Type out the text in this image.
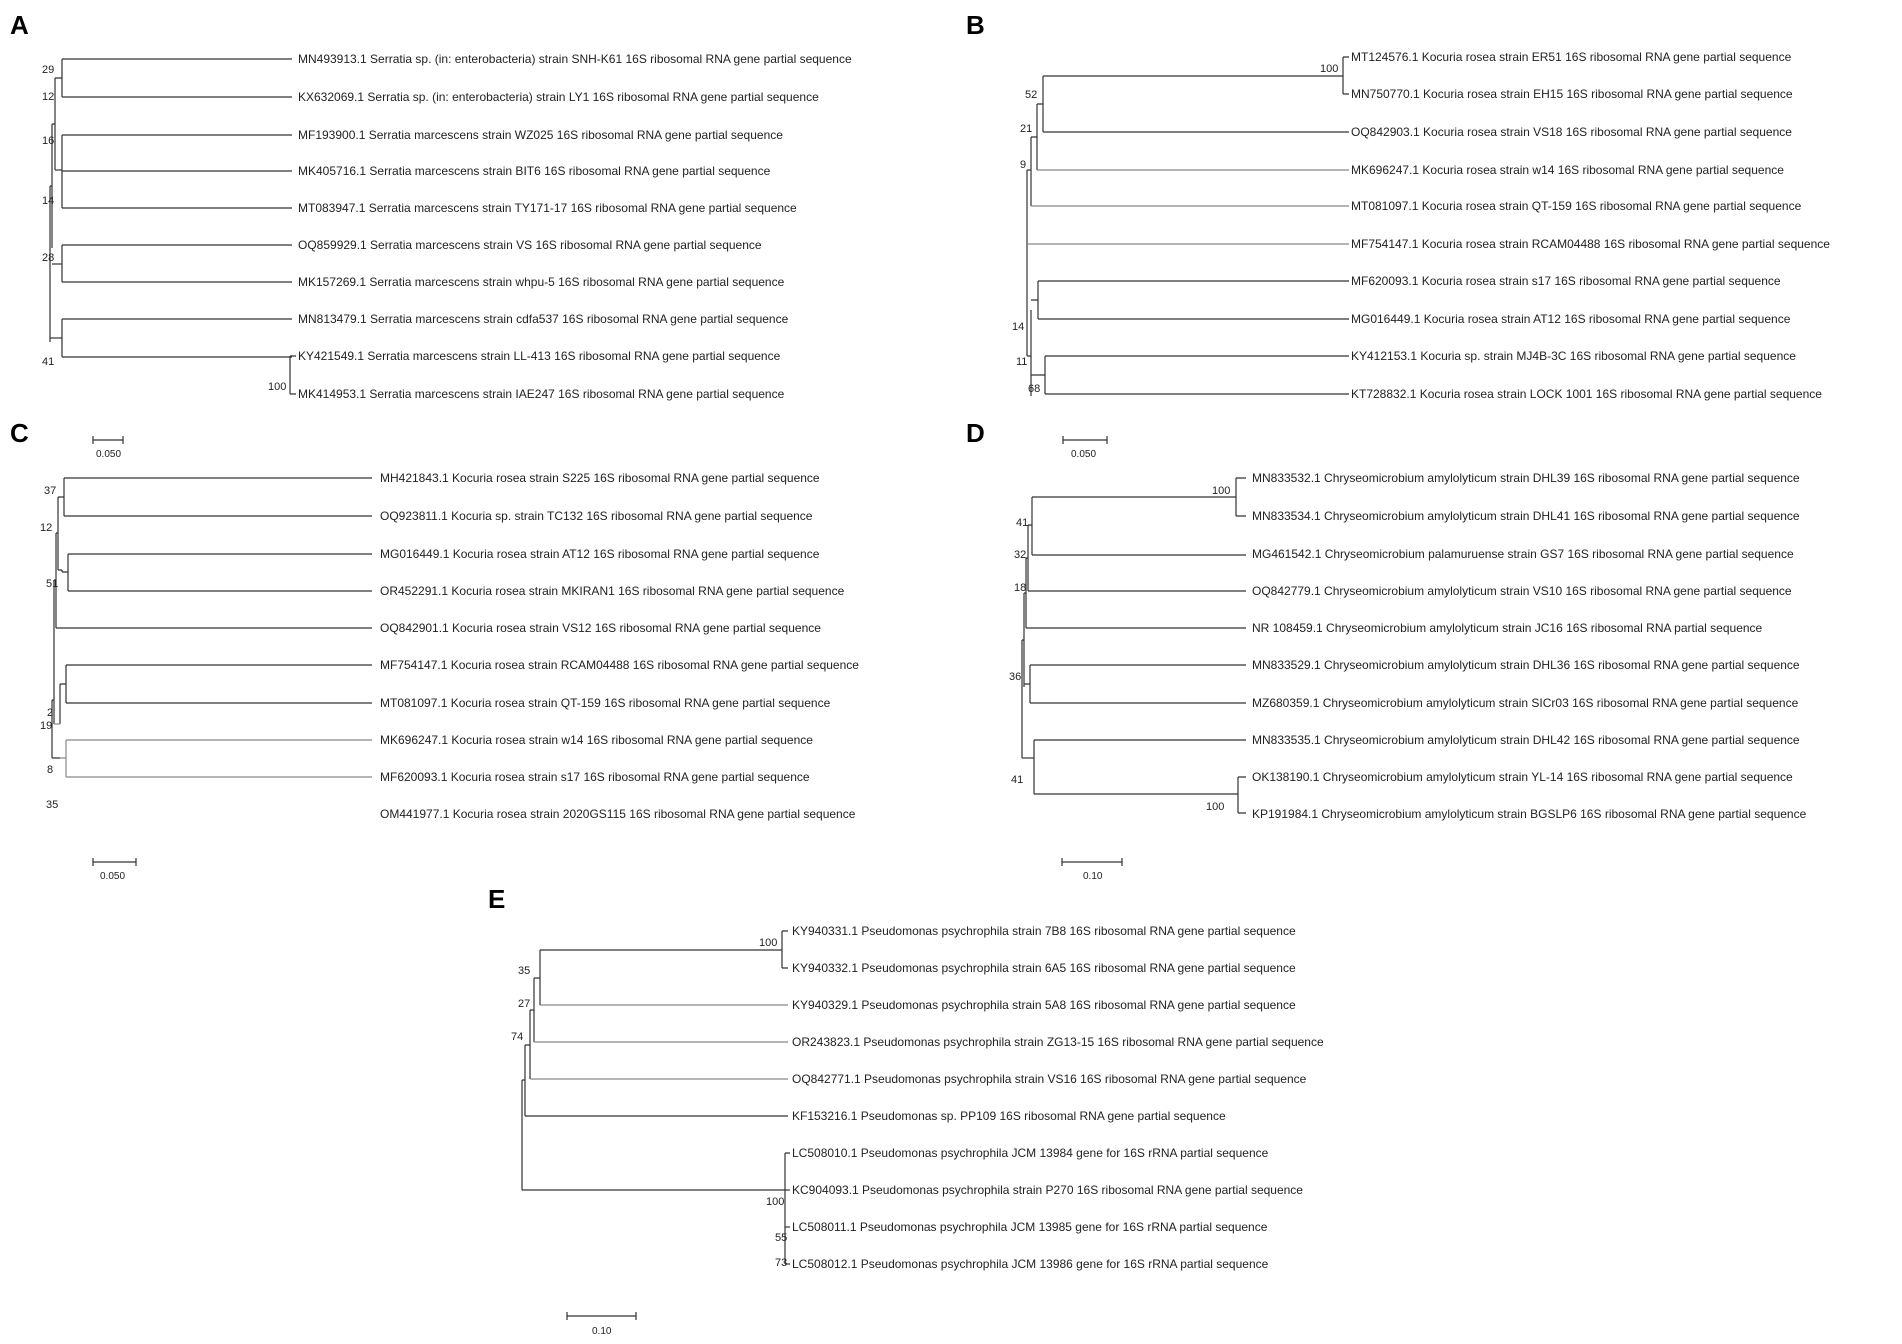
A
MN493913.1 Serratia sp. (in: enterobacteria) strain SNH-K61 16S ribosomal RNA gene partial sequence
KX632069.1 Serratia sp. (in: enterobacteria) strain LY1 16S ribosomal RNA gene partial sequence
MF193900.1 Serratia marcescens strain WZ025 16S ribosomal RNA gene partial sequence
MK405716.1 Serratia marcescens strain BIT6 16S ribosomal RNA gene partial sequence
MT083947.1 Serratia marcescens strain TY171-17 16S ribosomal RNA gene partial sequence
OQ859929.1 Serratia marcescens strain VS 16S ribosomal RNA gene partial sequence
MK157269.1 Serratia marcescens strain whpu-5 16S ribosomal RNA gene partial sequence
MN813479.1 Serratia marcescens strain cdfa537 16S ribosomal RNA gene partial sequence
KY421549.1 Serratia marcescens strain LL-413 16S ribosomal RNA gene partial sequence
MK414953.1 Serratia marcescens strain IAE247 16S ribosomal RNA gene partial sequence
29
12
16
14
28
41
100
0.050
B
MT124576.1 Kocuria rosea strain ER51 16S ribosomal RNA gene partial sequence
MN750770.1 Kocuria rosea strain EH15 16S ribosomal RNA gene partial sequence
OQ842903.1 Kocuria rosea strain VS18 16S ribosomal RNA gene partial sequence
MK696247.1 Kocuria rosea strain w14 16S ribosomal RNA gene partial sequence
MT081097.1 Kocuria rosea strain QT-159 16S ribosomal RNA gene partial sequence
MF754147.1 Kocuria rosea strain RCAM04488 16S ribosomal RNA gene partial sequence
MF620093.1 Kocuria rosea strain s17 16S ribosomal RNA gene partial sequence
MG016449.1 Kocuria rosea strain AT12 16S ribosomal RNA gene partial sequence
KY412153.1 Kocuria sp. strain MJ4B-3C 16S ribosomal RNA gene partial sequence
KT728832.1 Kocuria rosea strain LOCK 1001 16S ribosomal RNA gene partial sequence
100
52
21
9
14
11
68
0.050
C
MH421843.1 Kocuria rosea strain S225 16S ribosomal RNA gene partial sequence
OQ923811.1 Kocuria sp. strain TC132 16S ribosomal RNA gene partial sequence
MG016449.1 Kocuria rosea strain AT12 16S ribosomal RNA gene partial sequence
OR452291.1 Kocuria rosea strain MKIRAN1 16S ribosomal RNA gene partial sequence
OQ842901.1 Kocuria rosea strain VS12 16S ribosomal RNA gene partial sequence
MF754147.1 Kocuria rosea strain RCAM04488 16S ribosomal RNA gene partial sequence
MT081097.1 Kocuria rosea strain QT-159 16S ribosomal RNA gene partial sequence
MK696247.1 Kocuria rosea strain w14 16S ribosomal RNA gene partial sequence
MF620093.1 Kocuria rosea strain s17 16S ribosomal RNA gene partial sequence
OM441977.1 Kocuria rosea strain 2020GS115 16S ribosomal RNA gene partial sequence
37
12
51
2
19
8
35
0.050
D
MN833532.1 Chryseomicrobium amylolyticum strain DHL39 16S ribosomal RNA gene partial sequence
MN833534.1 Chryseomicrobium amylolyticum strain DHL41 16S ribosomal RNA gene partial sequence
MG461542.1 Chryseomicrobium palamuruense strain GS7 16S ribosomal RNA gene partial sequence
OQ842779.1 Chryseomicrobium amylolyticum strain VS10 16S ribosomal RNA gene partial sequence
NR 108459.1 Chryseomicrobium amylolyticum strain JC16 16S ribosomal RNA partial sequence
MN833529.1 Chryseomicrobium amylolyticum strain DHL36 16S ribosomal RNA gene partial sequence
MZ680359.1 Chryseomicrobium amylolyticum strain SICr03 16S ribosomal RNA gene partial sequence
MN833535.1 Chryseomicrobium amylolyticum strain DHL42 16S ribosomal RNA gene partial sequence
OK138190.1 Chryseomicrobium amylolyticum strain YL-14 16S ribosomal RNA gene partial sequence
KP191984.1 Chryseomicrobium amylolyticum strain BGSLP6 16S ribosomal RNA gene partial sequence
100
41
32
18
36
41
100
0.10
E
KY940331.1 Pseudomonas psychrophila strain 7B8 16S ribosomal RNA gene partial sequence
KY940332.1 Pseudomonas psychrophila strain 6A5 16S ribosomal RNA gene partial sequence
KY940329.1 Pseudomonas psychrophila strain 5A8 16S ribosomal RNA gene partial sequence
OR243823.1 Pseudomonas psychrophila strain ZG13-15 16S ribosomal RNA gene partial sequence
OQ842771.1 Pseudomonas psychrophila strain VS16 16S ribosomal RNA gene partial sequence
KF153216.1 Pseudomonas sp. PP109 16S ribosomal RNA gene partial sequence
LC508010.1 Pseudomonas psychrophila JCM 13984 gene for 16S rRNA partial sequence
KC904093.1 Pseudomonas psychrophila strain P270 16S ribosomal RNA gene partial sequence
LC508011.1 Pseudomonas psychrophila JCM 13985 gene for 16S rRNA partial sequence
LC508012.1 Pseudomonas psychrophila JCM 13986 gene for 16S rRNA partial sequence
100
35
27
74
100
55
73
0.10
